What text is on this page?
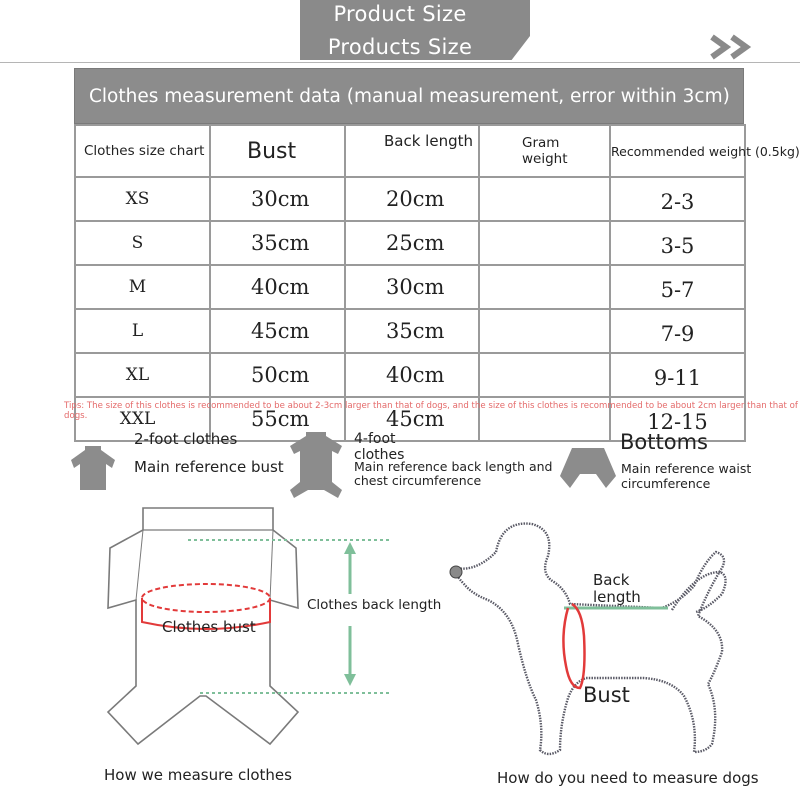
Product Size
Products Size
Clothes measurement data (manual measurement, error within 3cm)
Clothes size chart	Bust	Back length	Gram weight	Recommended weight (0.5kg)
XS	30cm	20cm		2-3
S	35cm	25cm		3-5
M	40cm	30cm		5-7
L	45cm	35cm		7-9
XL	50cm	40cm		9-11
XXL	55cm	45cm		12-15
Tips: The size of this clothes is recommended to be about 2-3cm larger than that of dogs, and the size of this clothes is recommended to be about 2cm larger than that of dogs.
2-foot clothes
Main reference bust
4-foot clothes
Main reference back length and chest circumference
Bottoms
Main reference waist circumference
Clothes bust
Clothes back length
How we measure clothes
Back length
Bust
How do you need to measure dogs
